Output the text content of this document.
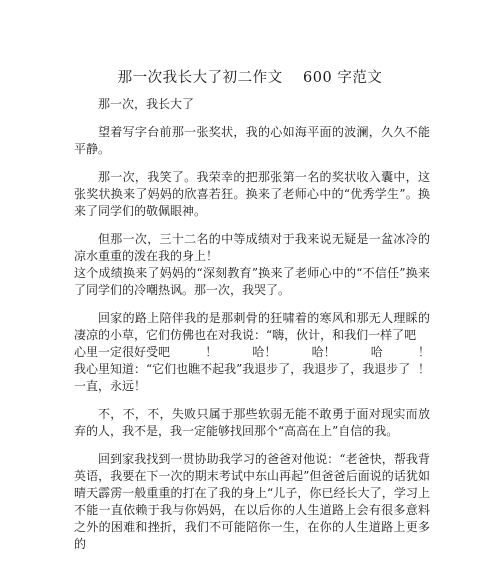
那一次我长大了初二作文    600 字范文

那一次，我长大了

望着写字台前那一张奖状，我的心如海平面的波澜，久久不能平静。

那一次，我笑了。我荣幸的把那张第一名的奖状收入囊中，这张奖状换来了妈妈的欣喜若狂。换来了老师心中的“优秀学生”。换来了同学们的敬佩眼神。

但那一次，三十二名的中等成绩对于我来说无疑是一盆冰冷的凉水重重的泼在我的身上！

这个成绩换来了妈妈的“深刻教育”换来了老师心中的“不信任”换来了同学们的冷嘲热讽。那一次，我哭了。

回家的路上陪伴我的是那刺骨的狂啸着的寒风和那无人理睬的凄凉的小草，它们仿佛也在对我说：“嗨，伙计，和我们一样了吧

心里一定很好受吧	！	哈！	哈！	哈	！
我心里知道：“它们也瞧不起我”我退步了，我退步了，我退步了 ！
一直，永远！

不，不，不，失败只属于那些软弱无能不敢勇于面对现实而放弃的人，我不是，我一定能够找回那个“高高在上”自信的我。

回到家我找到一贯协助我学习的爸爸对他说：“老爸快，帮我背英语，我要在下一次的期末考试中东山再起”但爸爸后面说的话犹如晴天霹雳一般重重的打在了我的身上“儿子，你已经长大了，学习上不能一直依赖于我与你妈妈，在以后你的人生道路上会有很多意料之外的困难和挫折，我们不可能陪你一生，在你的人生道路上更多的
